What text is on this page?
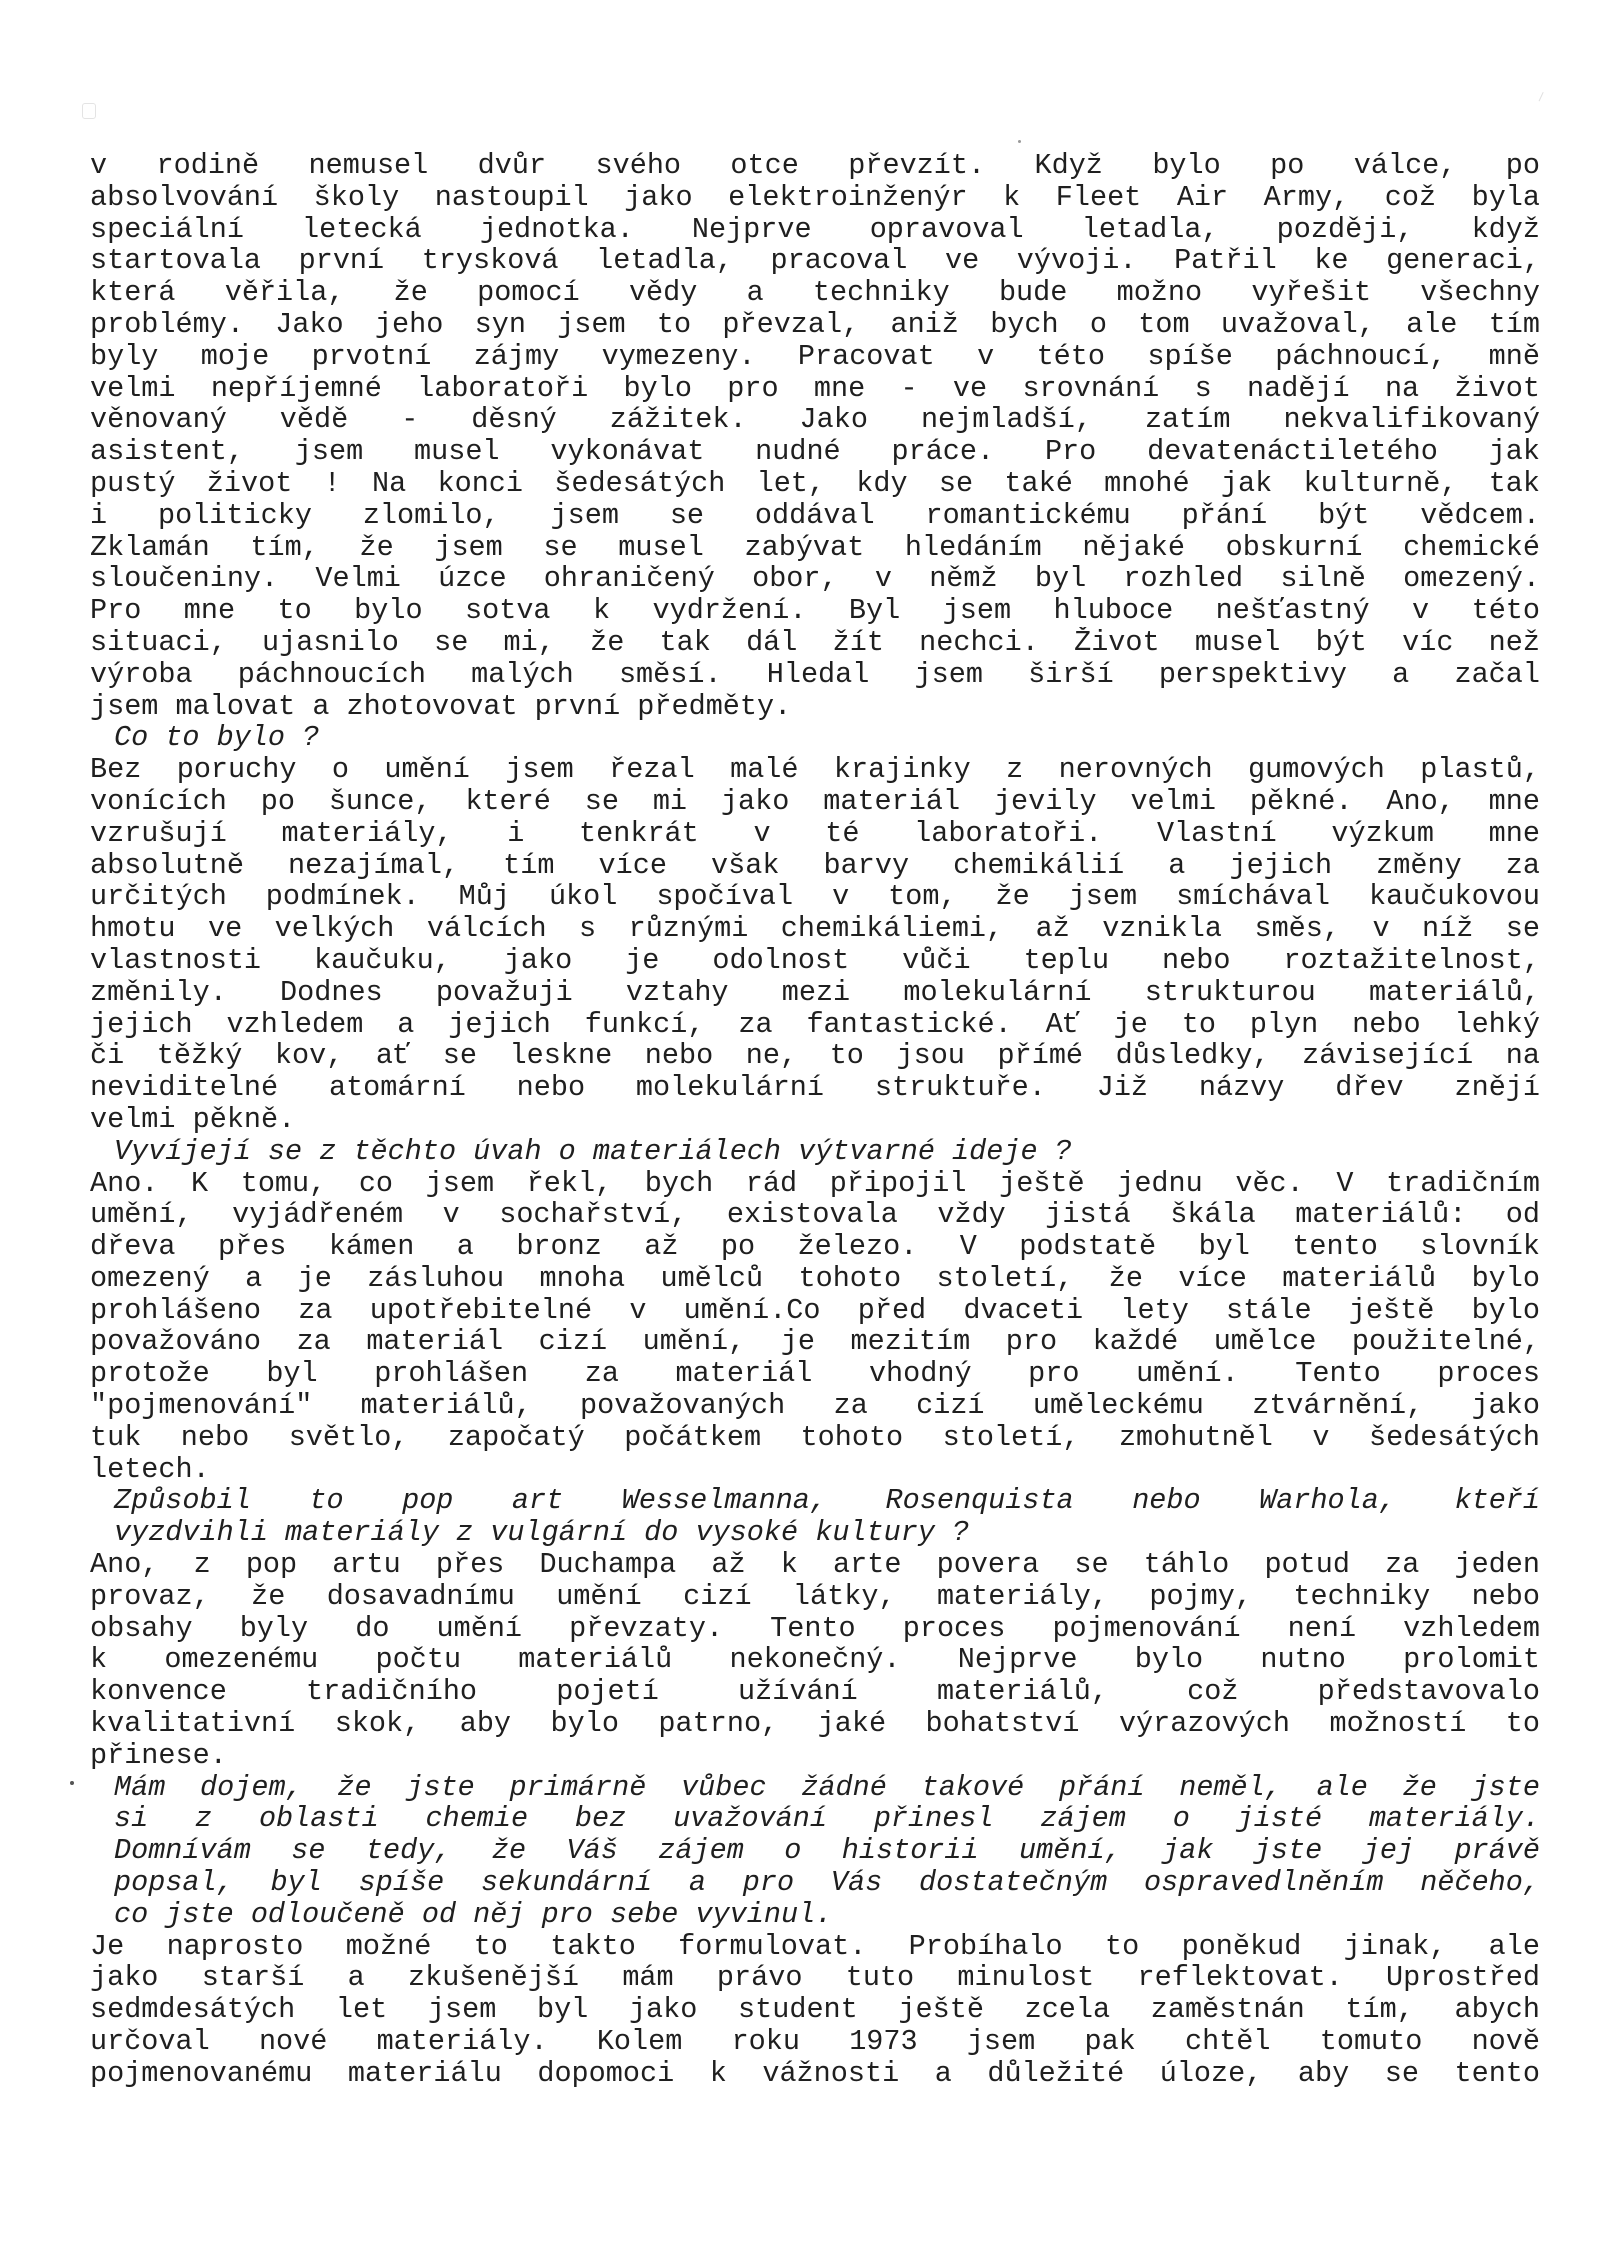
v rodině nemusel dvůr svého otce převzít. Když bylo po válce, po
absolvování školy nastoupil jako elektroinženýr k Fleet Air Army, což byla
speciální letecká jednotka. Nejprve opravoval letadla, později, když
startovala první trysková letadla, pracoval ve vývoji. Patřil ke generaci,
která věřila, že pomocí vědy a techniky bude možno vyřešit všechny
problémy. Jako jeho syn jsem to převzal, aniž bych o tom uvažoval, ale tím
byly moje prvotní zájmy vymezeny. Pracovat v této spíše páchnoucí, mně
velmi nepříjemné laboratoři bylo pro mne - ve srovnání s nadějí na život
věnovaný vědě - děsný zážitek. Jako nejmladší, zatím nekvalifikovaný
asistent, jsem musel vykonávat nudné práce. Pro devatenáctiletého jak
pustý život ! Na konci šedesátých let, kdy se také mnohé jak kulturně, tak
i politicky zlomilo, jsem se oddával romantickému přání být vědcem.
Zklamán tím, že jsem se musel zabývat hledáním nějaké obskurní chemické
sloučeniny. Velmi úzce ohraničený obor, v němž byl rozhled silně omezený.
Pro mne to bylo sotva k vydržení. Byl jsem hluboce nešťastný v této
situaci, ujasnilo se mi, že tak dál žít nechci. Život musel být víc než
výroba páchnoucích malých směsí. Hledal jsem širší perspektivy a začal
jsem malovat a zhotovovat první předměty.
Co to bylo ?
Bez poruchy o umění jsem řezal malé krajinky z nerovných gumových plastů,
vonících po šunce, které se mi jako materiál jevily velmi pěkné. Ano, mne
vzrušují materiály, i tenkrát v té laboratoři. Vlastní výzkum mne
absolutně nezajímal, tím více však barvy chemikálií a jejich změny za
určitých podmínek. Můj úkol spočíval v tom, že jsem smíchával kaučukovou
hmotu ve velkých válcích s různými chemikáliemi, až vznikla směs, v níž se
vlastnosti kaučuku, jako je odolnost vůči teplu nebo roztažitelnost,
změnily. Dodnes považuji vztahy mezi molekulární strukturou materiálů,
jejich vzhledem a jejich funkcí, za fantastické. Ať je to plyn nebo lehký
či těžký kov, ať se leskne nebo ne, to jsou přímé důsledky, závisející na
neviditelné atomární nebo molekulární struktuře. Již názvy dřev znějí
velmi pěkně.
Vyvíjejí se z těchto úvah o materiálech výtvarné ideje ?
Ano. K tomu, co jsem řekl, bych rád připojil ještě jednu věc. V tradičním
umění, vyjádřeném v sochařství, existovala vždy jistá škála materiálů: od
dřeva přes kámen a bronz až po železo. V podstatě byl tento slovník
omezený a je zásluhou mnoha umělců tohoto století, že více materiálů bylo
prohlášeno za upotřebitelné v umění.Co před dvaceti lety stále ještě bylo
považováno za materiál cizí umění, je mezitím pro každé umělce použitelné,
protože byl prohlášen za materiál vhodný pro umění. Tento proces
"pojmenování" materiálů, považovaných za cizí uměleckému ztvárnění, jako
tuk nebo světlo, započatý počátkem tohoto století, zmohutněl v šedesátých
letech.
Způsobil to pop art Wesselmanna, Rosenquista nebo Warhola, kteří
vyzdvihli materiály z vulgární do vysoké kultury ?
Ano, z pop artu přes Duchampa až k arte povera se táhlo potud za jeden
provaz, že dosavadnímu umění cizí látky, materiály, pojmy, techniky nebo
obsahy byly do umění převzaty. Tento proces pojmenování není vzhledem
k omezenému počtu materiálů nekonečný. Nejprve bylo nutno prolomit
konvence tradičního pojetí užívání materiálů, což představovalo
kvalitativní skok, aby bylo patrno, jaké bohatství výrazových možností to
přinese.
Mám dojem, že jste primárně vůbec žádné takové přání neměl, ale že jste
si z oblasti chemie bez uvažování přinesl zájem o jisté materiály.
Domnívám se tedy, že Váš zájem o historii umění, jak jste jej právě
popsal, byl spíše sekundární a pro Vás dostatečným ospravedlněním něčeho,
co jste odloučeně od něj pro sebe vyvinul.
Je naprosto možné to takto formulovat. Probíhalo to poněkud jinak, ale
jako starší a zkušenější mám právo tuto minulost reflektovat. Uprostřed
sedmdesátých let jsem byl jako student ještě zcela zaměstnán tím, abych
určoval nové materiály. Kolem roku 1973 jsem pak chtěl tomuto nově
pojmenovanému materiálu dopomoci k vážnosti a důležité úloze, aby se tento
